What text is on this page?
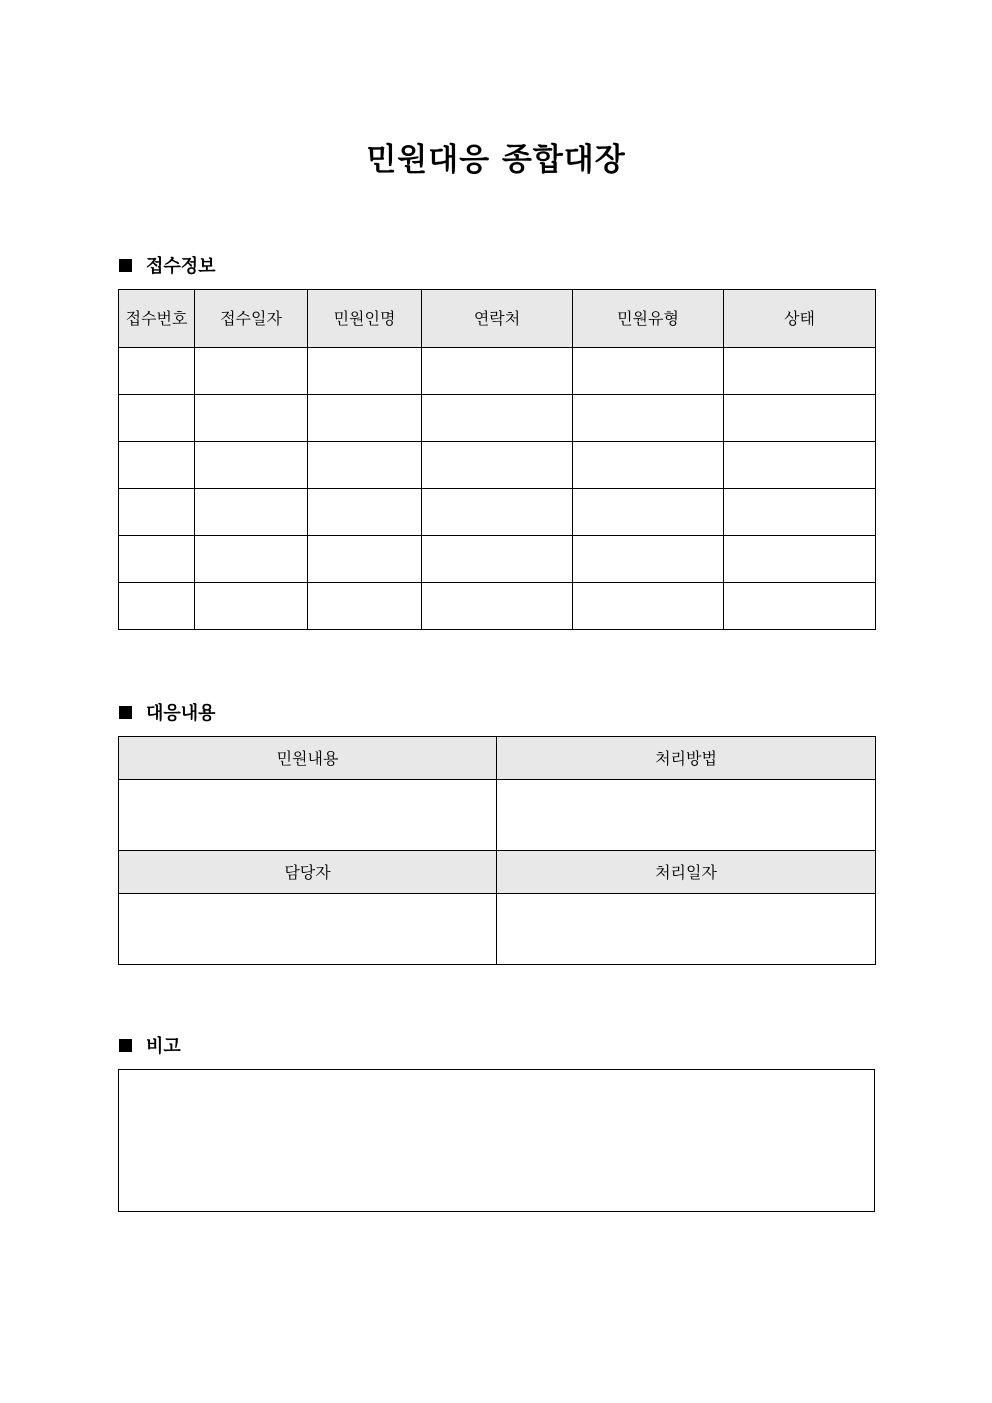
민원대응 종합대장
접수정보
접수번호	접수일자	민원인명	연락처	민원유형	상태

대응내용
민원내용	처리방법

담당자	처리일자

비고
